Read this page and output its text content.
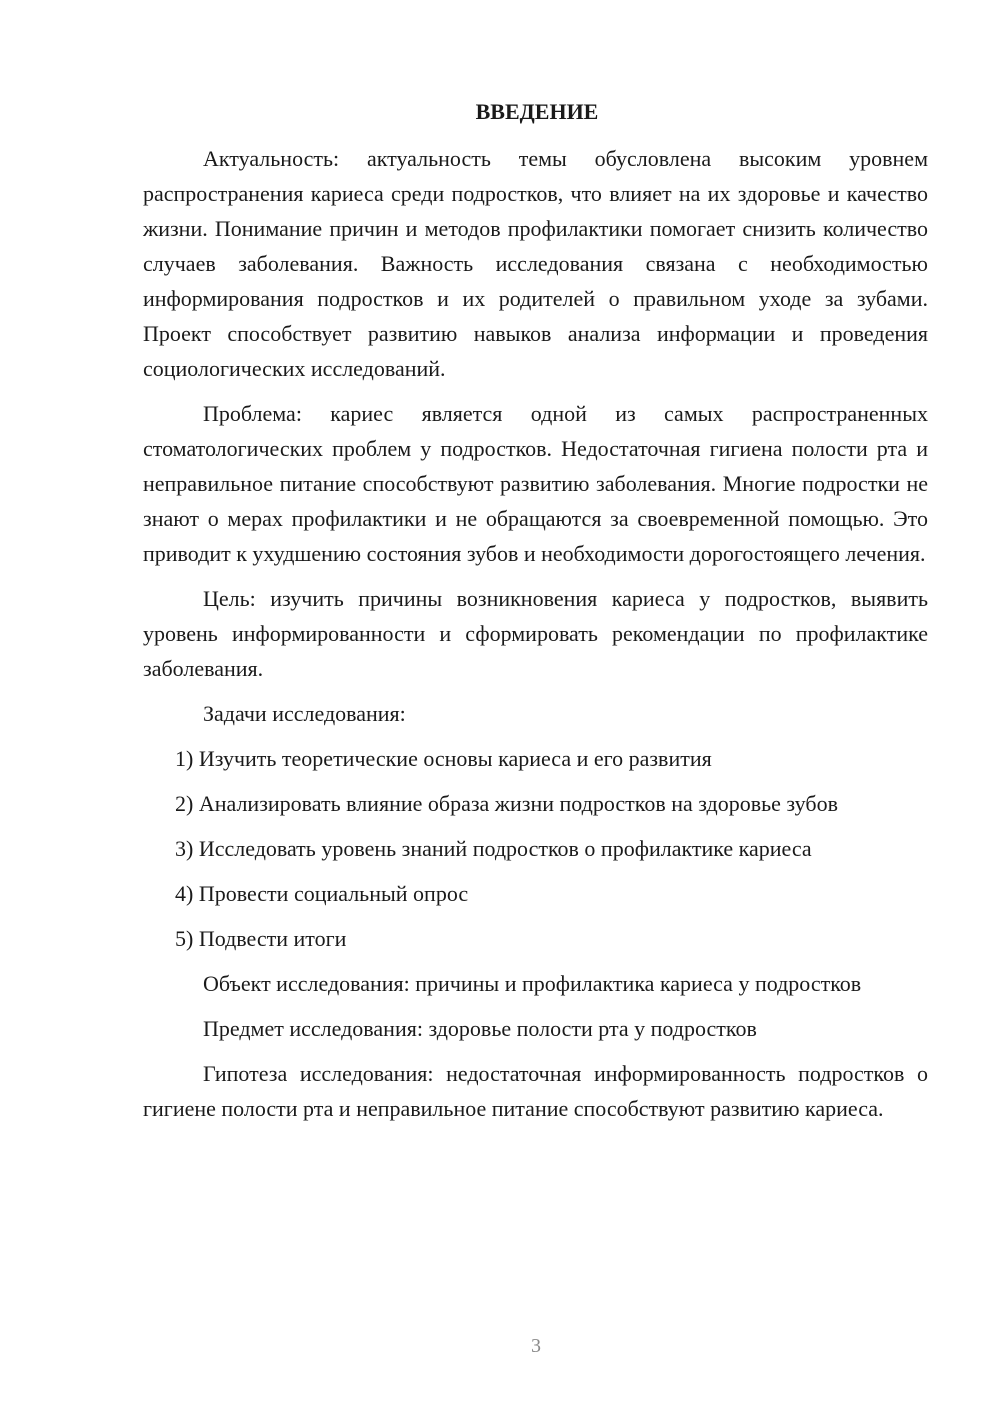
ВВЕДЕНИЕ

Актуальность: актуальность темы обусловлена высоким уровнем распространения кариеса среди подростков, что влияет на их здоровье и качество жизни. Понимание причин и методов профилактики помогает снизить количество случаев заболевания. Важность исследования связана с необходимостью информирования подростков и их родителей о правильном уходе за зубами. Проект способствует развитию навыков анализа информации и проведения социологических исследований.

Проблема: кариес является одной из самых распространенных стоматологических проблем у подростков. Недостаточная гигиена полости рта и неправильное питание способствуют развитию заболевания. Многие подростки не знают о мерах профилактики и не обращаются за своевременной помощью. Это приводит к ухудшению состояния зубов и необходимости дорогостоящего лечения.

Цель: изучить причины возникновения кариеса у подростков, выявить уровень информированности и сформировать рекомендации по профилактике заболевания.

Задачи исследования:

1) Изучить теоретические основы кариеса и его развития

2) Анализировать влияние образа жизни подростков на здоровье зубов

3) Исследовать уровень знаний подростков о профилактике кариеса

4) Провести социальный опрос

5) Подвести итоги

Объект исследования: причины и профилактика кариеса у подростков

Предмет исследования: здоровье полости рта у подростков

Гипотеза исследования: недостаточная информированность подростков о гигиене полости рта и неправильное питание способствуют развитию кариеса.

3
